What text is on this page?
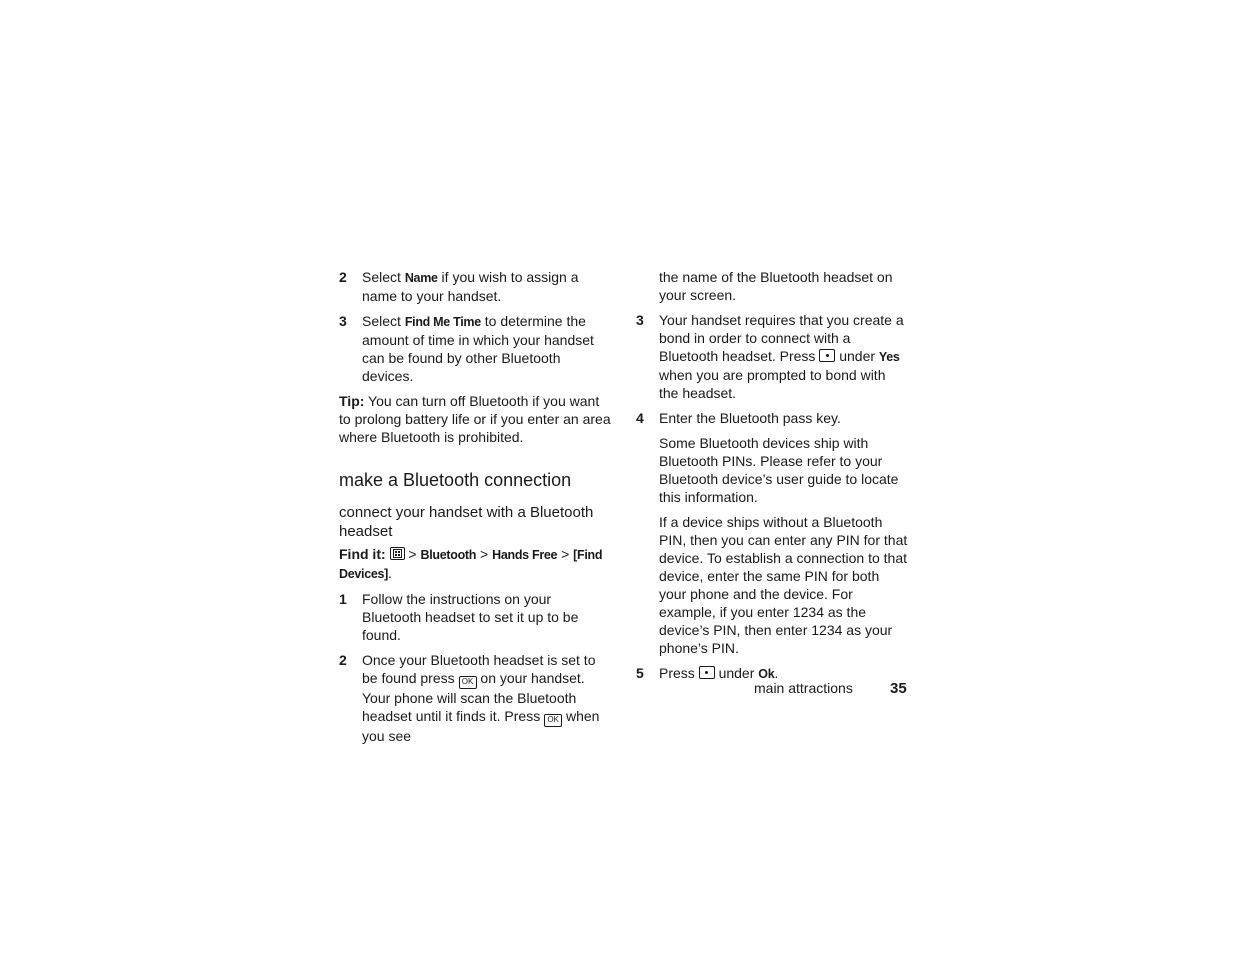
2 Select Name if you wish to assign a name to your handset.
3 Select Find Me Time to determine the amount of time in which your handset can be found by other Bluetooth devices.

Tip: You can turn off Bluetooth if you want to prolong battery life or if you enter an area where Bluetooth is prohibited.

make a Bluetooth connection
connect your handset with a Bluetooth headset
Find it:
> Bluetooth > Hands Free > [Find Devices].
1 Follow the instructions on your Bluetooth headset to set it up to be found.
2 Once your Bluetooth headset is set to be found press OK on your handset. Your phone will scan the Bluetooth headset until it finds it. Press OK when you see

the name of the Bluetooth headset on your screen.

3 Your handset requires that you create a bond in order to connect with a Bluetooth headset. Press  under Yes when you are prompted to bond with the headset.
4 Enter the Bluetooth pass key.

Some Bluetooth devices ship with Bluetooth PINs. Please refer to your Bluetooth device’s user guide to locate this information.

If a device ships without a Bluetooth PIN, then you can enter any PIN for that device. To establish a connection to that device, enter the same PIN for both your phone and the device. For example, if you enter 1234 as the device’s PIN, then enter 1234 as your phone’s PIN.

5 Press  under Ok.
main attractions 35
